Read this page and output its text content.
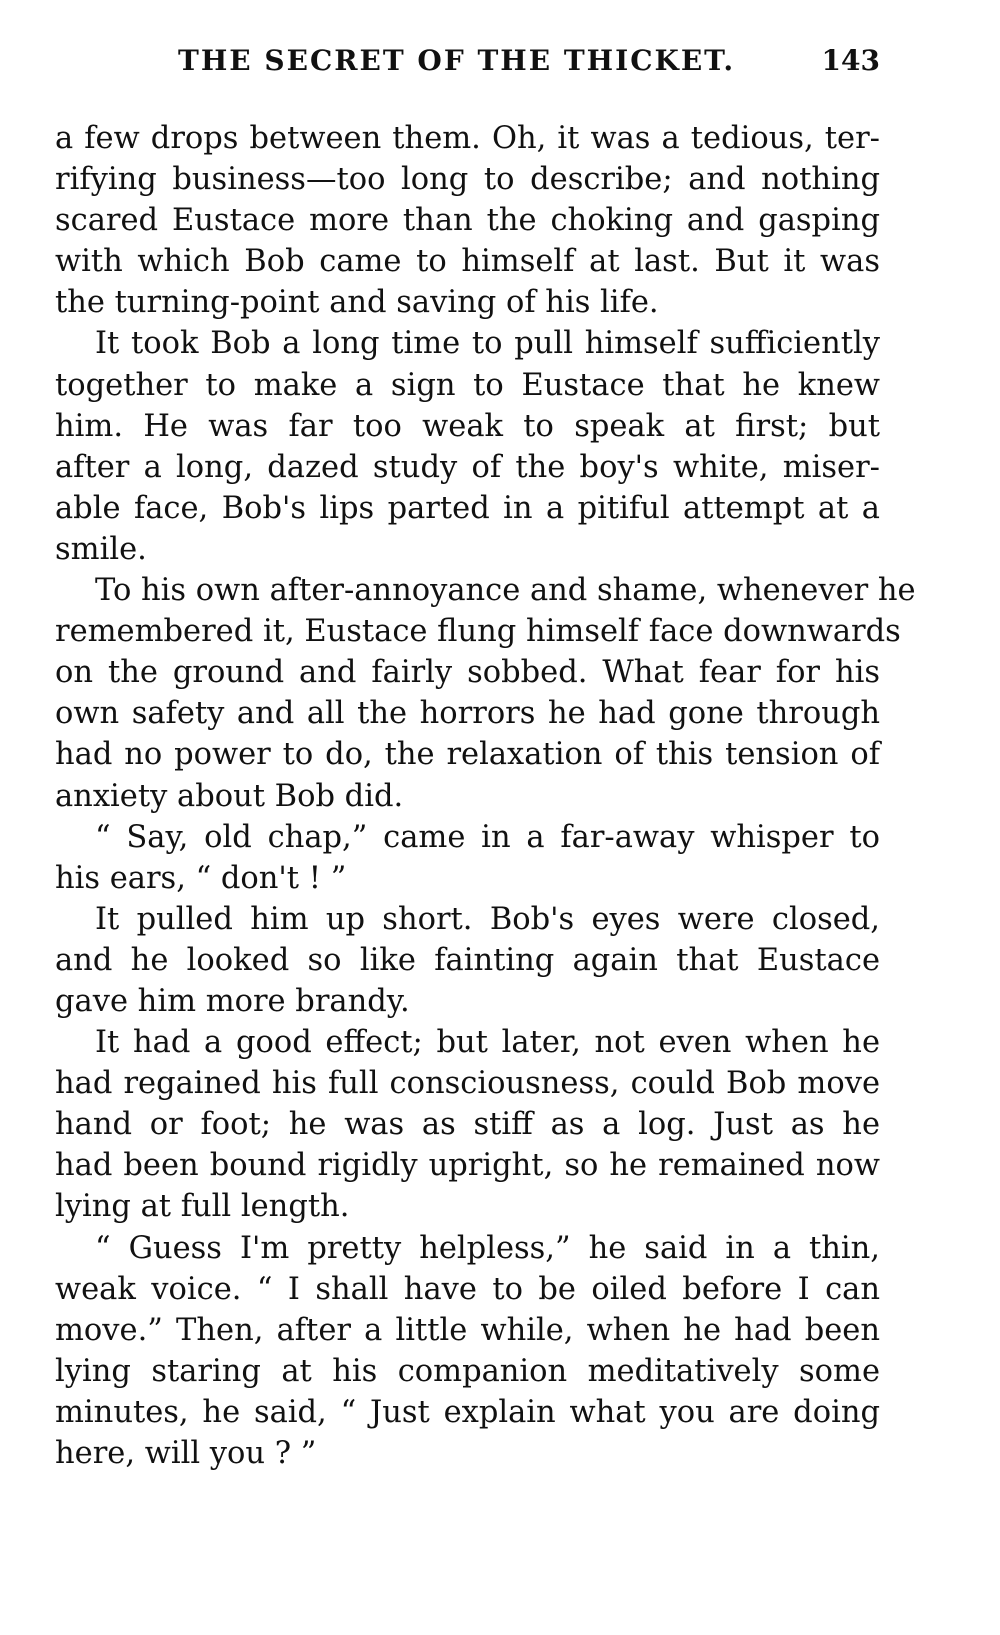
THE SECRET OF THE THICKET.	143
a few drops between them. Oh, it was a tedious, ter-
rifying business—too long to describe; and nothing
scared Eustace more than the choking and gasping
with which Bob came to himself at last. But it was
the turning-point and saving of his life.
It took Bob a long time to pull himself sufficiently
together to make a sign to Eustace that he knew
him. He was far too weak to speak at first; but
after a long, dazed study of the boy's white, miser-
able face, Bob's lips parted in a pitiful attempt at a
smile.
To his own after-annoyance and shame, whenever he
remembered it, Eustace flung himself face downwards
on the ground and fairly sobbed. What fear for his
own safety and all the horrors he had gone through
had no power to do, the relaxation of this tension of
anxiety about Bob did.
“ Say, old chap,” came in a far-away whisper to
his ears, “ don't ! ”
It pulled him up short. Bob's eyes were closed,
and he looked so like fainting again that Eustace
gave him more brandy.
It had a good effect; but later, not even when he
had regained his full consciousness, could Bob move
hand or foot; he was as stiff as a log. Just as he
had been bound rigidly upright, so he remained now
lying at full length.
“ Guess I'm pretty helpless,” he said in a thin,
weak voice. “ I shall have to be oiled before I can
move.” Then, after a little while, when he had been
lying staring at his companion meditatively some
minutes, he said, “ Just explain what you are doing
here, will you ? ”
